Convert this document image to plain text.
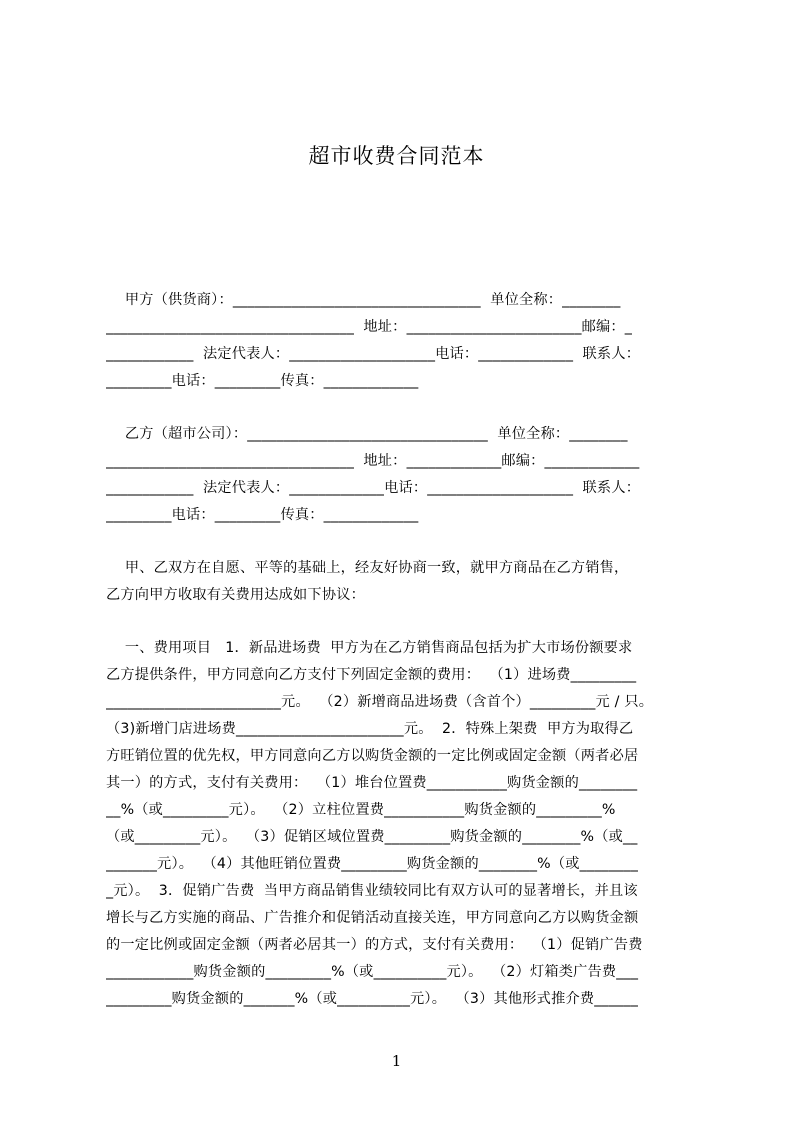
超市收费合同范本
甲方（供货商）：__________________________________  单位全称：________
__________________________________  地址：________________________邮编：_
____________  法定代表人：____________________电话：_____________  联系人：
_________电话：_________传真：_____________
乙方（超市公司）：_________________________________  单位全称：________
__________________________________  地址：_____________邮编：_____________
____________  法定代表人：_____________电话：____________________  联系人：
_________电话：_________传真：_____________
甲、乙双方在自愿、平等的基础上，经友好协商一致，就甲方商品在乙方销售，
乙方向甲方收取有关费用达成如下协议：
一、费用项目   1．新品进场费  甲方为在乙方销售商品包括为扩大市场份额要求
乙方提供条件，甲方同意向乙方支付下列固定金额的费用：  （1）进场费_________
________________________元。  （2）新增商品进场费（含首个）_________元 / 只。
（3)新增门店进场费_______________________元。  2．特殊上架费  甲方为取得乙
方旺销位置的优先权，甲方同意向乙方以购货金额的一定比例或固定金额（两者必居
其一）的方式，支付有关费用：  （1）堆台位置费___________购货金额的________
__%（或_________元）。  （2）立柱位置费___________购货金额的_________%
（或_________元）。  （3）促销区域位置费_________购货金额的________%（或__
_______元）。  （4）其他旺销位置费_________购货金额的________%（或________
_元）。  3．促销广告费  当甲方商品销售业绩较同比有双方认可的显著增长，并且该
增长与乙方实施的商品、广告推介和促销活动直接关连，甲方同意向乙方以购货金额
的一定比例或固定金额（两者必居其一）的方式，支付有关费用：  （1）促销广告费
____________购货金额的_________%（或__________元）。  （2）灯箱类广告费___
_________购货金额的_______%（或__________元）。  （3）其他形式推介费______
1
